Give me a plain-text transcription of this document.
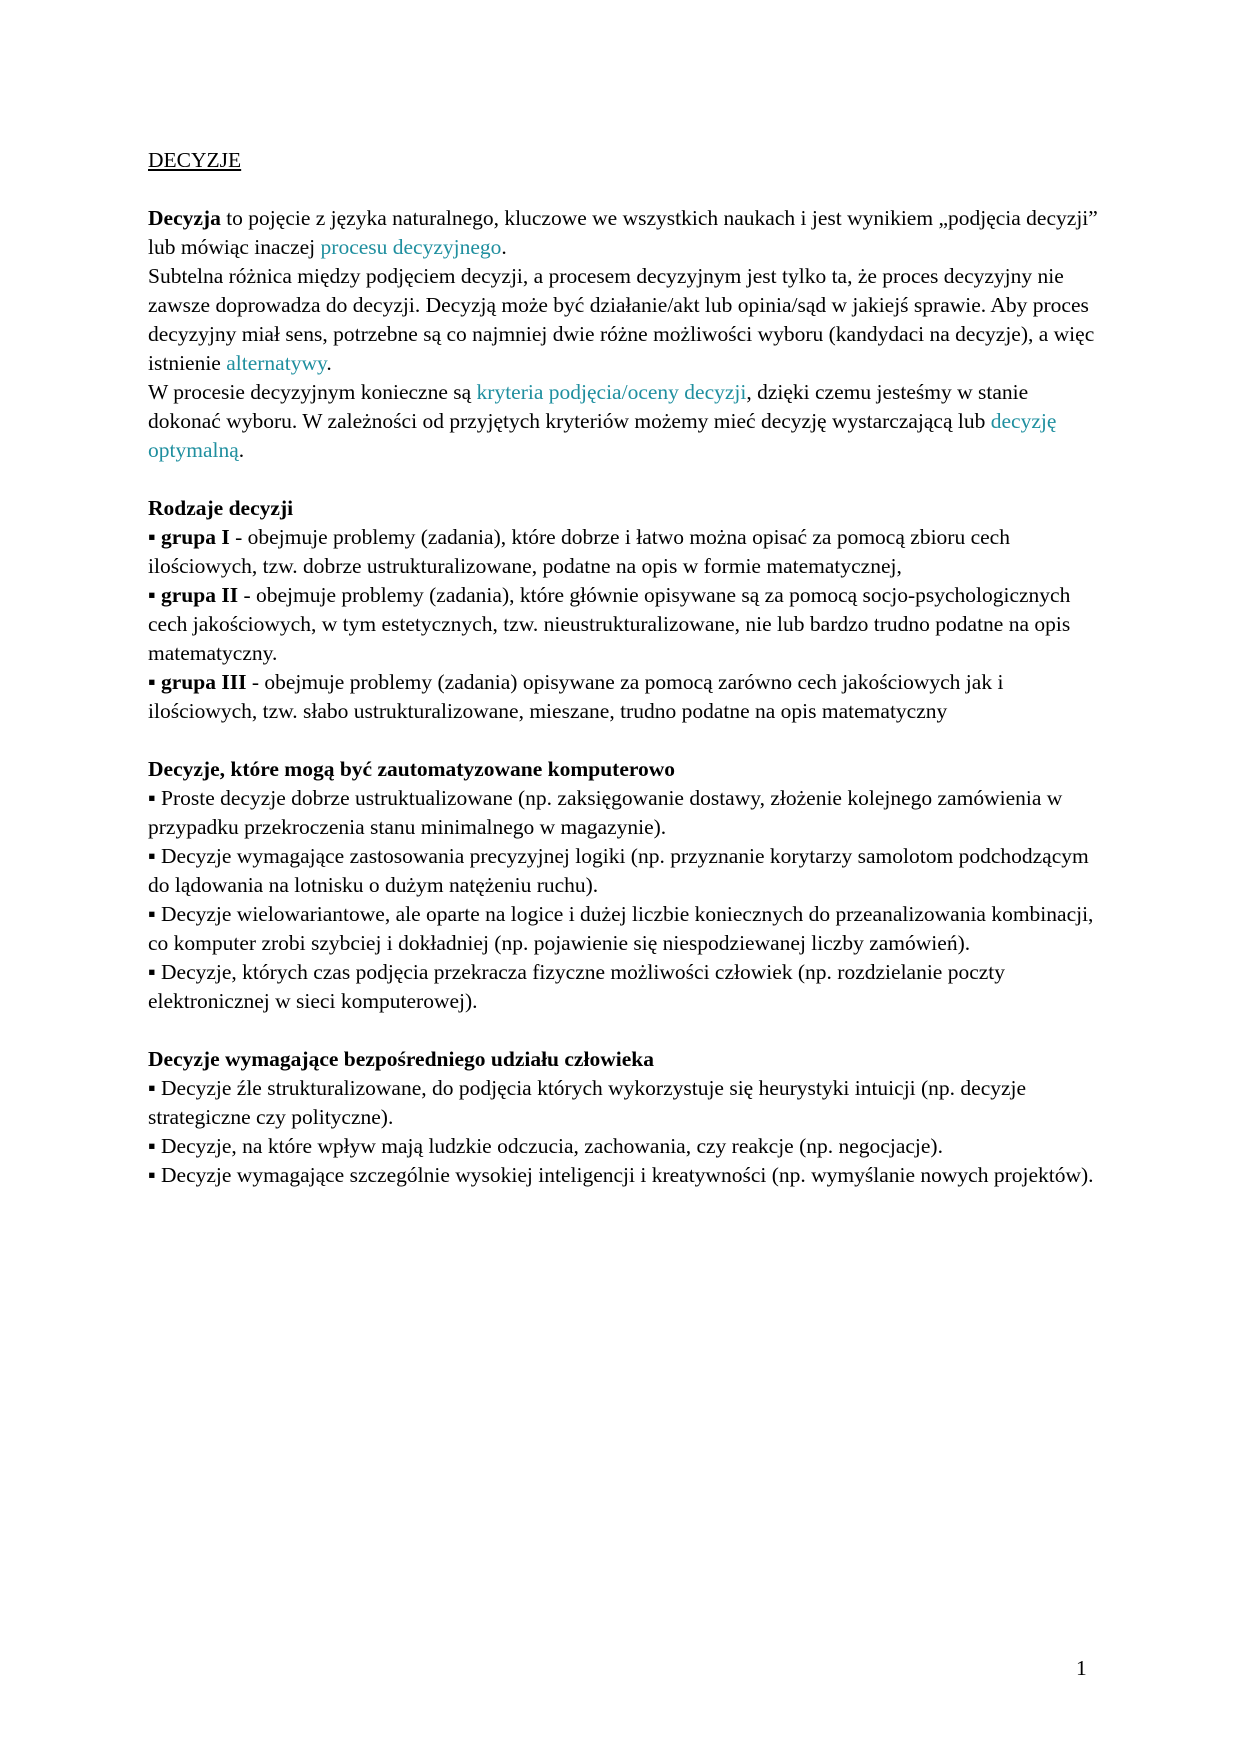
DECYZJE

Decyzja to pojęcie z języka naturalnego, kluczowe we wszystkich naukach i jest wynikiem „podjęcia decyzji” lub mówiąc inaczej procesu decyzyjnego.

Subtelna różnica między podjęciem decyzji, a procesem decyzyjnym jest tylko ta, że proces decyzyjny nie zawsze doprowadza do decyzji. Decyzją może być działanie/akt lub opinia/sąd w jakiejś sprawie. Aby proces decyzyjny miał sens, potrzebne są co najmniej dwie różne możliwości wyboru (kandydaci na decyzje), a więc istnienie alternatywy.

W procesie decyzyjnym konieczne są kryteria podjęcia/oceny decyzji, dzięki czemu jesteśmy w stanie dokonać wyboru. W zależności od przyjętych kryteriów możemy mieć decyzję wystarczającą lub decyzję optymalną.

Rodzaje decyzji

▪ grupa I - obejmuje problemy (zadania), które dobrze i łatwo można opisać za pomocą zbioru cech ilościowych, tzw. dobrze ustrukturalizowane, podatne na opis w formie matematycznej,

▪ grupa II - obejmuje problemy (zadania), które głównie opisywane są za pomocą socjo-psychologicznych cech jakościowych, w tym estetycznych, tzw. nieustrukturalizowane, nie lub bardzo trudno podatne na opis matematyczny.

▪ grupa III - obejmuje problemy (zadania) opisywane za pomocą zarówno cech jakościowych jak i ilościowych, tzw. słabo ustrukturalizowane, mieszane, trudno podatne na opis matematyczny

Decyzje, które mogą być zautomatyzowane komputerowo

▪ Proste decyzje dobrze ustruktualizowane (np. zaksięgowanie dostawy, złożenie kolejnego zamówienia w przypadku przekroczenia stanu minimalnego w magazynie).

▪ Decyzje wymagające zastosowania precyzyjnej logiki (np. przyznanie korytarzy samolotom podchodzącym do lądowania na lotnisku o dużym natężeniu ruchu).

▪ Decyzje wielowariantowe, ale oparte na logice i dużej liczbie koniecznych do przeanalizowania kombinacji, co komputer zrobi szybciej i dokładniej (np. pojawienie się niespodziewanej liczby zamówień).

▪ Decyzje, których czas podjęcia przekracza fizyczne możliwości człowiek (np. rozdzielanie poczty elektronicznej w sieci komputerowej).

Decyzje wymagające bezpośredniego udziału człowieka

▪ Decyzje źle strukturalizowane, do podjęcia których wykorzystuje się heurystyki intuicji (np. decyzje strategiczne czy polityczne).

▪ Decyzje, na które wpływ mają ludzkie odczucia, zachowania, czy reakcje (np. negocjacje).

▪ Decyzje wymagające szczególnie wysokiej inteligencji i kreatywności (np. wymyślanie nowych projektów).

1
